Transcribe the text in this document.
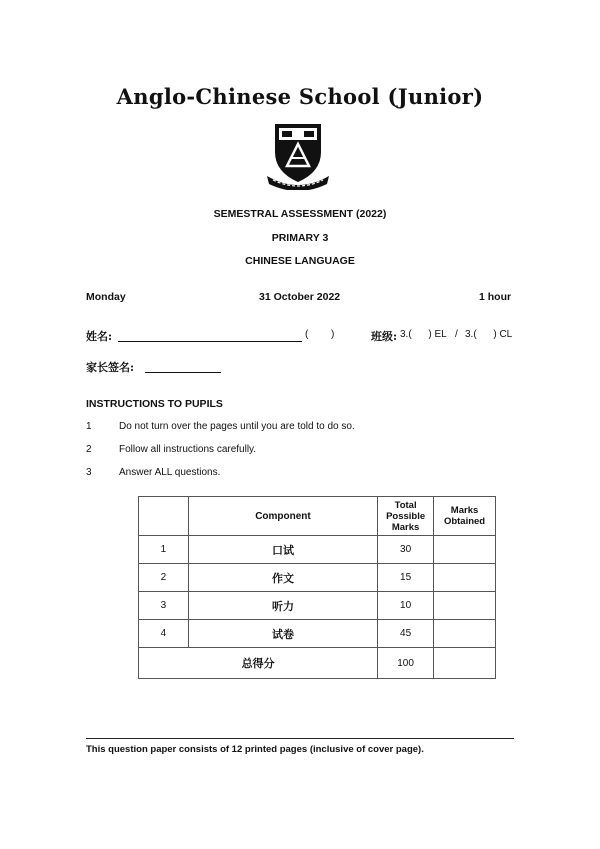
Anglo-Chinese School (Junior)
SEMESTRAL ASSESSMENT (2022)
PRIMARY 3
CHINESE LANGUAGE
Monday	31 October 2022	1 hour
姓名:	( )	班级: 3.(      ) EL / 3.(      ) CL
家长签名:
INSTRUCTIONS TO PUPILS
1	Do not turn over the pages until you are told to do so.
2	Follow all instructions carefully.
3	Answer ALL questions.
	Component	Total Possible Marks	Marks Obtained
1	口试	30	
2	作文	15	
3	听力	10	
4	试卷	45	
总得分		100	
This question paper consists of 12 printed pages (inclusive of cover page).
